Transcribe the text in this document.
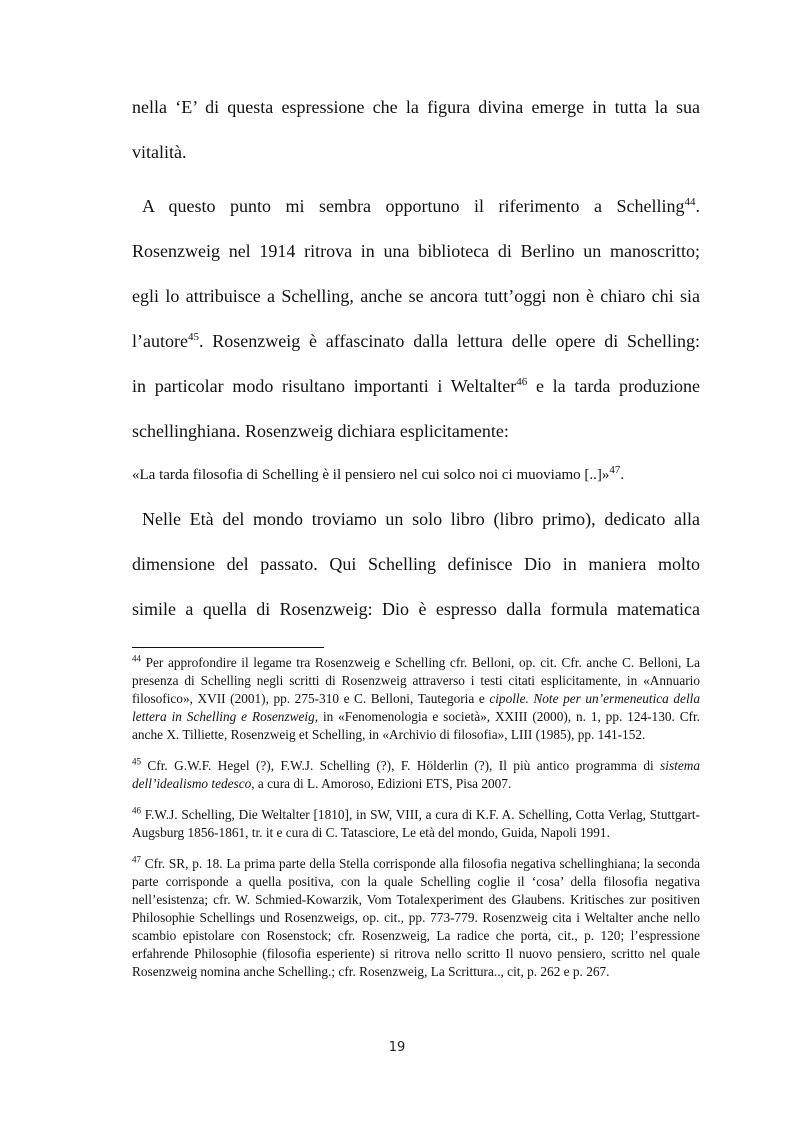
nella ‘E’ di questa espressione che la figura divina emerge in tutta la sua
vitalità.
A questo punto mi sembra opportuno il riferimento a Schelling$^{44}$.
Rosenzweig nel 1914 ritrova in una biblioteca di Berlino un manoscritto;
egli lo attribuisce a Schelling, anche se ancora tutt’oggi non è chiaro chi sia
l’autore$^{45}$. Rosenzweig è affascinato dalla lettura delle opere di Schelling:
in particolar modo risultano importanti i Weltalter$^{46}$ e la tarda produzione
schellinghiana. Rosenzweig dichiara esplicitamente:
«La tarda filosofia di Schelling è il pensiero nel cui solco noi ci muoviamo [..]»$^{47}$.
Nelle Età del mondo troviamo un solo libro (libro primo), dedicato alla
dimensione del passato. Qui Schelling definisce Dio in maniera molto
simile a quella di Rosenzweig: Dio è espresso dalla formula matematica

$^{44}$ Per approfondire il legame tra Rosenzweig e Schelling cfr. Belloni, op. cit. Cfr. anche C. Belloni, La presenza di Schelling negli scritti di Rosenzweig attraverso i testi citati esplicitamente, in «Annuario filosofico», XVII (2001), pp. 275-310 e C. Belloni, Tautegoria e cipolle. Note per un’ermeneutica della lettera in Schelling e Rosenzweig, in «Fenomenologia e società», XXIII (2000), n. 1, pp. 124-130. Cfr. anche X. Tilliette, Rosenzweig et Schelling, in «Archivio di filosofia», LIII (1985), pp. 141-152.

$^{45}$ Cfr. G.W.F. Hegel (?), F.W.J. Schelling (?), F. Hölderlin (?), Il più antico programma di sistema dell’idealismo tedesco, a cura di L. Amoroso, Edizioni ETS, Pisa 2007.

$^{46}$ F.W.J. Schelling, Die Weltalter [1810], in SW, VIII, a cura di K.F. A. Schelling, Cotta Verlag, Stuttgart-Augsburg 1856-1861, tr. it e cura di C. Tatasciore, Le età del mondo, Guida, Napoli 1991.

$^{47}$ Cfr. SR, p. 18. La prima parte della Stella corrisponde alla filosofia negativa schellinghiana; la seconda parte corrisponde a quella positiva, con la quale Schelling coglie il ‘cosa’ della filosofia negativa nell’esistenza; cfr. W. Schmied-Kowarzik, Vom Totalexperiment des Glaubens. Kritisches zur positiven Philosophie Schellings und Rosenzweigs, op. cit., pp. 773-779. Rosenzweig cita i Weltalter anche nello scambio epistolare con Rosenstock; cfr. Rosenzweig, La radice che porta, cit., p. 120; l’espressione erfahrende Philosophie (filosofia esperiente) si ritrova nello scritto Il nuovo pensiero, scritto nel quale Rosenzweig nomina anche Schelling.; cfr. Rosenzweig, La Scrittura.., cit, p. 262 e p. 267.

19
